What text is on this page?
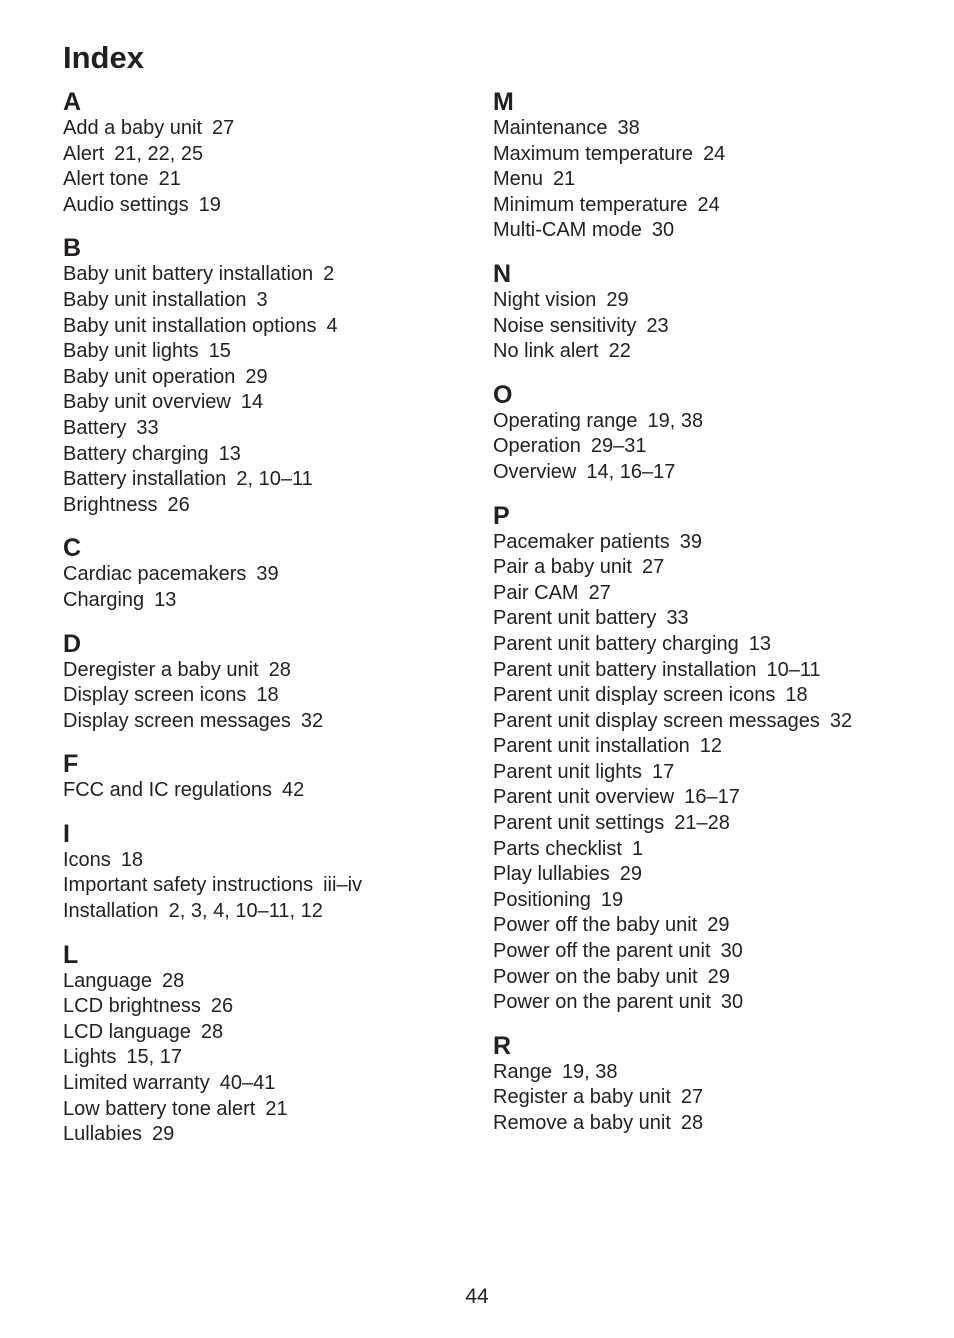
Index
A
Add a baby unit 27
Alert 21, 22, 25
Alert tone 21
Audio settings 19
B
Baby unit battery installation 2
Baby unit installation 3
Baby unit installation options 4
Baby unit lights 15
Baby unit operation 29
Baby unit overview 14
Battery 33
Battery charging 13
Battery installation 2, 10–11
Brightness 26
C
Cardiac pacemakers 39
Charging 13
D
Deregister a baby unit 28
Display screen icons 18
Display screen messages 32
F
FCC and IC regulations 42
I
Icons 18
Important safety instructions iii–iv
Installation 2, 3, 4, 10–11, 12
L
Language 28
LCD brightness 26
LCD language 28
Lights 15, 17
Limited warranty 40–41
Low battery tone alert 21
Lullabies 29
M
Maintenance 38
Maximum temperature 24
Menu 21
Minimum temperature 24
Multi-CAM mode 30
N
Night vision 29
Noise sensitivity 23
No link alert 22
O
Operating range 19, 38
Operation 29–31
Overview 14, 16–17
P
Pacemaker patients 39
Pair a baby unit 27
Pair CAM 27
Parent unit battery 33
Parent unit battery charging 13
Parent unit battery installation 10–11
Parent unit display screen icons 18
Parent unit display screen messages 32
Parent unit installation 12
Parent unit lights 17
Parent unit overview 16–17
Parent unit settings 21–28
Parts checklist 1
Play lullabies 29
Positioning 19
Power off the baby unit 29
Power off the parent unit 30
Power on the baby unit 29
Power on the parent unit 30
R
Range 19, 38
Register a baby unit 27
Remove a baby unit 28
44
